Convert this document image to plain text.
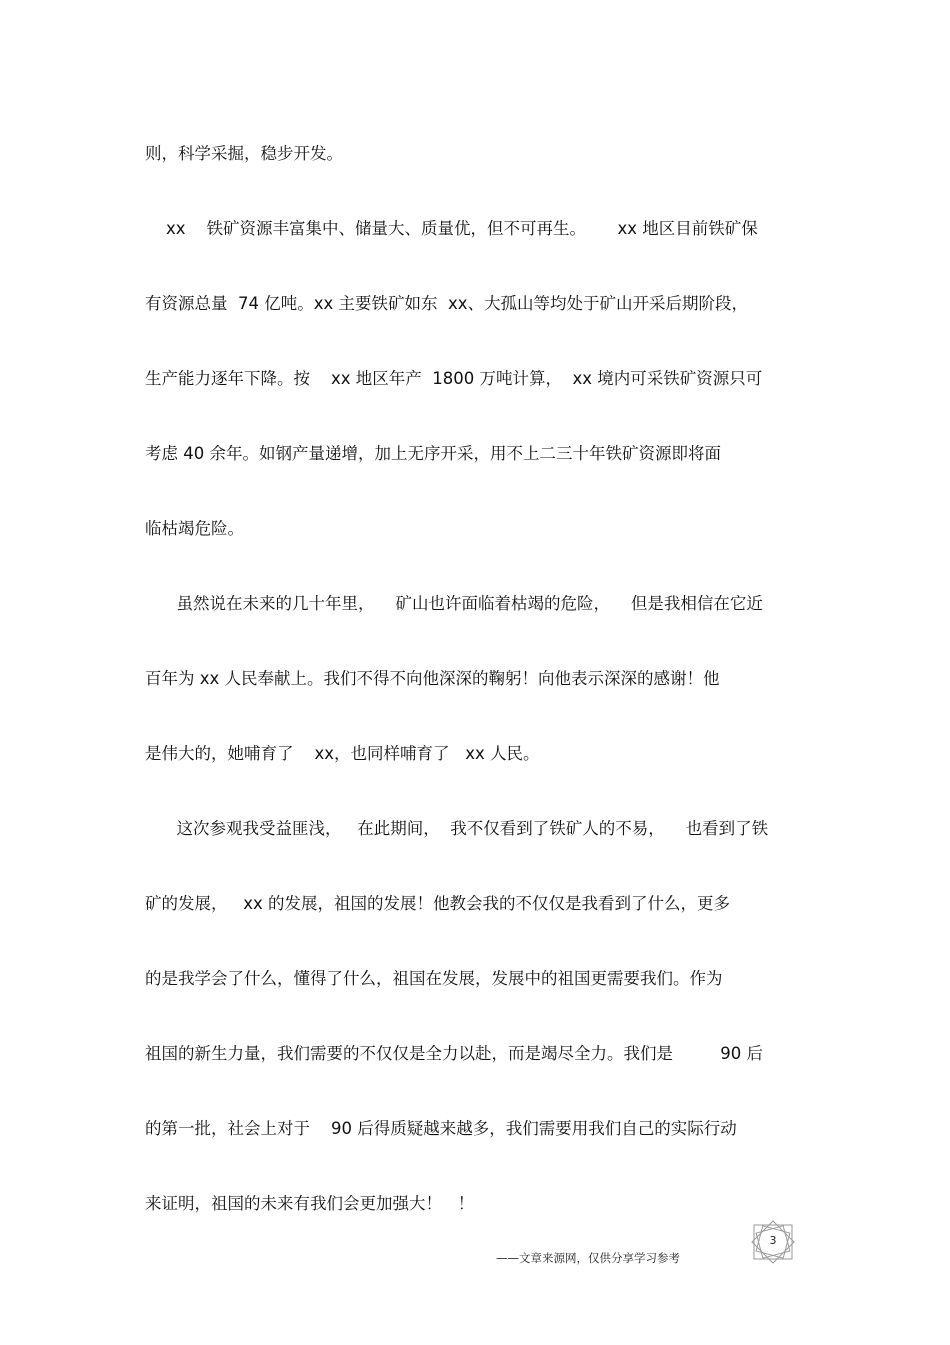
则，科学采掘，稳步开发。
xx    铁矿资源丰富集中、储量大、质量优，但不可再生。      xx 地区目前铁矿保
有资源总量  74 亿吨。xx 主要铁矿如东  xx、大孤山等均处于矿山开采后期阶段，
生产能力逐年下降。按    xx 地区年产  1800 万吨计算，  xx 境内可采铁矿资源只可
考虑 40 余年。如钢产量递增，加上无序开采，用不上二三十年铁矿资源即将面
临枯竭危险。
虽然说在未来的几十年里，    矿山也许面临着枯竭的危险，    但是我相信在它近
百年为 xx 人民奉献上。我们不得不向他深深的鞠躬！向他表示深深的感谢！他
是伟大的，她哺育了    xx，也同样哺育了   xx 人民。
这次参观我受益匪浅，   在此期间，  我不仅看到了铁矿人的不易，    也看到了铁
矿的发展，   xx 的发展，祖国的发展！他教会我的不仅仅是我看到了什么，更多
的是我学会了什么，懂得了什么，祖国在发展，发展中的祖国更需要我们。作为
祖国的新生力量，我们需要的不仅仅是全力以赴，而是竭尽全力。我们是         90 后
的第一批，社会上对于    90 后得质疑越来越多，我们需要用我们自己的实际行动
来证明，祖国的未来有我们会更加强大！   ！
——文章来源网，仅供分享学习参考
3
